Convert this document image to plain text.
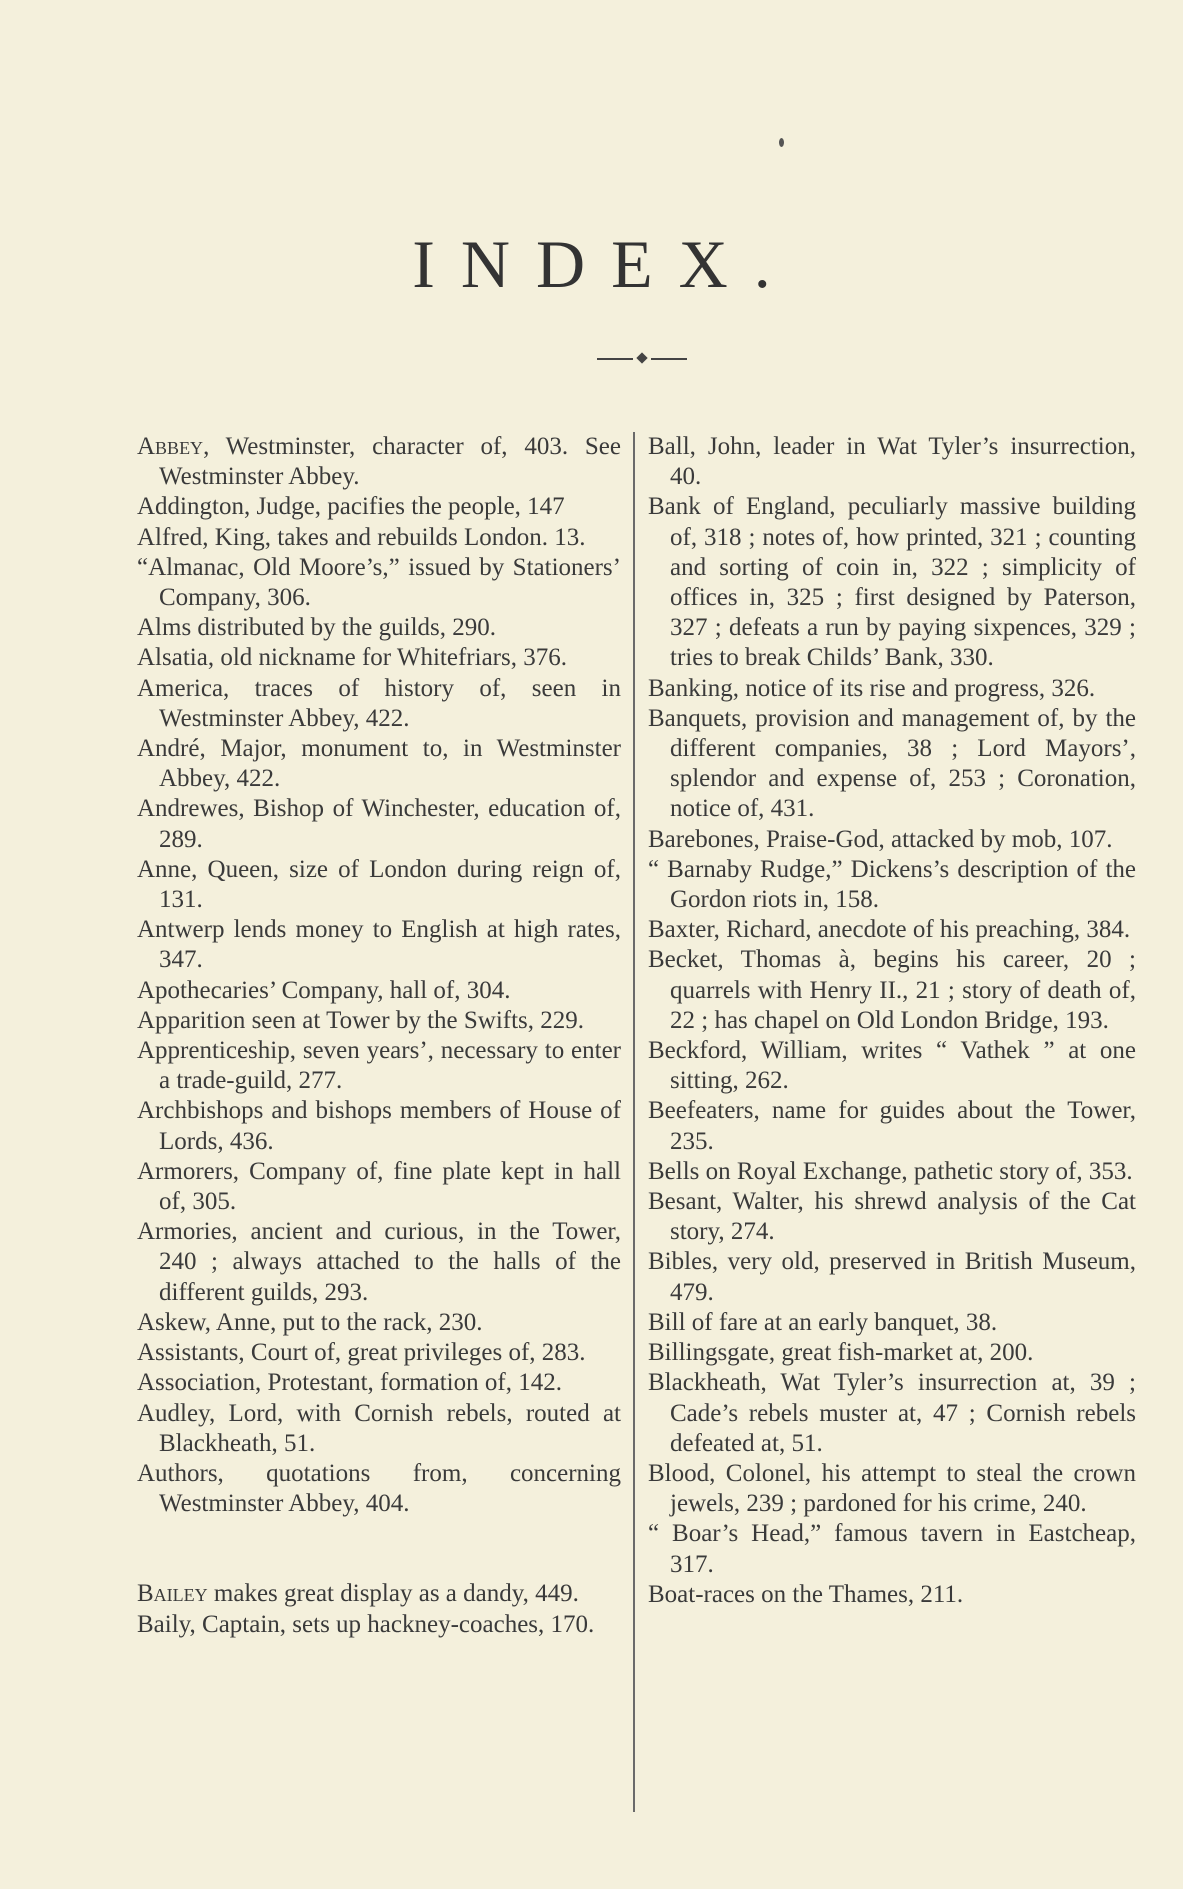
INDEX.

Abbey, Westminster, character of, 403. See Westminster Abbey.

Addington, Judge, pacifies the people, 147

Alfred, King, takes and rebuilds London. 13.

“Almanac, Old Moore’s,” issued by Stationers’ Company, 306.

Alms distributed by the guilds, 290.

Alsatia, old nickname for Whitefriars, 376.

America, traces of history of, seen in Westminster Abbey, 422.

André, Major, monument to, in Westminster Abbey, 422.

Andrewes, Bishop of Winchester, education of, 289.

Anne, Queen, size of London during reign of, 131.

Antwerp lends money to English at high rates, 347.

Apothecaries’ Company, hall of, 304.

Apparition seen at Tower by the Swifts, 229.

Apprenticeship, seven years’, necessary to enter a trade-guild, 277.

Archbishops and bishops members of House of Lords, 436.

Armorers, Company of, fine plate kept in hall of, 305.

Armories, ancient and curious, in the Tower, 240 ; always attached to the halls of the different guilds, 293.

Askew, Anne, put to the rack, 230.

Assistants, Court of, great privileges of, 283.

Association, Protestant, formation of, 142.

Audley, Lord, with Cornish rebels, routed at Blackheath, 51.

Authors, quotations from, concerning Westminster Abbey, 404.

Bailey makes great display as a dandy, 449.

Baily, Captain, sets up hackney-coaches, 170.

Ball, John, leader in Wat Tyler’s insurrection, 40.

Bank of England, peculiarly massive building of, 318 ; notes of, how printed, 321 ; counting and sorting of coin in, 322 ; simplicity of offices in, 325 ; first designed by Paterson, 327 ; defeats a run by paying sixpences, 329 ; tries to break Childs’ Bank, 330.

Banking, notice of its rise and progress, 326.

Banquets, provision and management of, by the different companies, 38 ; Lord Mayors’, splendor and expense of, 253 ; Coronation, notice of, 431.

Barebones, Praise-God, attacked by mob, 107.

“ Barnaby Rudge,” Dickens’s description of the Gordon riots in, 158.

Baxter, Richard, anecdote of his preaching, 384.

Becket, Thomas à, begins his career, 20 ; quarrels with Henry II., 21 ; story of death of, 22 ; has chapel on Old London Bridge, 193.

Beckford, William, writes “ Vathek ” at one sitting, 262.

Beefeaters, name for guides about the Tower, 235.

Bells on Royal Exchange, pathetic story of, 353.

Besant, Walter, his shrewd analysis of the Cat story, 274.

Bibles, very old, preserved in British Museum, 479.

Bill of fare at an early banquet, 38.

Billingsgate, great fish-market at, 200.

Blackheath, Wat Tyler’s insurrection at, 39 ; Cade’s rebels muster at, 47 ; Cornish rebels defeated at, 51.

Blood, Colonel, his attempt to steal the crown jewels, 239 ; pardoned for his crime, 240.

“ Boar’s Head,” famous tavern in Eastcheap, 317.

Boat-races on the Thames, 211.
